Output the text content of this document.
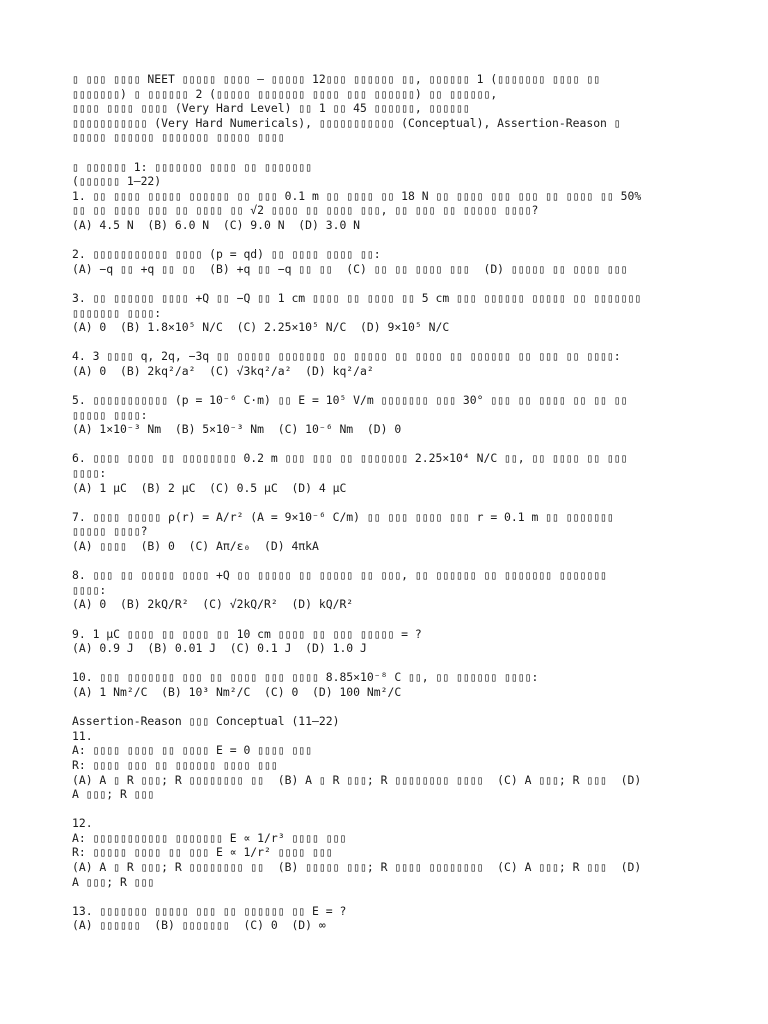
▯ ▯▯▯ ▯▯▯▯ NEET ▯▯▯▯▯ ▯▯▯▯ – ▯▯▯▯▯ 12▯▯▯ ▯▯▯▯▯▯ ▯▯, ▯▯▯▯▯▯ 1 (▯▯▯▯▯▯▯ ▯▯▯▯ ▯▯
▯▯▯▯▯▯▯) ▯ ▯▯▯▯▯▯ 2 (▯▯▯▯▯ ▯▯▯▯▯▯▯ ▯▯▯▯ ▯▯▯ ▯▯▯▯▯▯) ▯▯ ▯▯▯▯▯▯,
▯▯▯▯ ▯▯▯▯ ▯▯▯▯ (Very Hard Level) ▯▯ 1 ▯▯ 45 ▯▯▯▯▯▯, ▯▯▯▯▯▯
▯▯▯▯▯▯▯▯▯▯▯ (Very Hard Numericals), ▯▯▯▯▯▯▯▯▯▯▯ (Conceptual), Assertion-Reason ▯
▯▯▯▯▯ ▯▯▯▯▯▯ ▯▯▯▯▯▯▯ ▯▯▯▯▯ ▯▯▯▯
▯ ▯▯▯▯▯▯ 1: ▯▯▯▯▯▯▯ ▯▯▯▯ ▯▯ ▯▯▯▯▯▯▯
(▯▯▯▯▯▯ 1–22)
1. ▯▯ ▯▯▯▯ ▯▯▯▯▯ ▯▯▯▯▯▯ ▯▯ ▯▯▯ 0.1 m ▯▯ ▯▯▯▯ ▯▯ 18 N ▯▯ ▯▯▯▯ ▯▯▯ ▯▯▯ ▯▯ ▯▯▯▯ ▯▯ 50%
▯▯ ▯▯ ▯▯▯▯ ▯▯▯ ▯▯ ▯▯▯▯ ▯▯ √2 ▯▯▯▯ ▯▯ ▯▯▯▯ ▯▯▯, ▯▯ ▯▯▯ ▯▯ ▯▯▯▯▯ ▯▯▯▯?
(A) 4.5 N  (B) 6.0 N  (C) 9.0 N  (D) 3.0 N
2. ▯▯▯▯▯▯▯▯▯▯▯ ▯▯▯▯ (p = qd) ▯▯ ▯▯▯▯ ▯▯▯▯ ▯▯:
(A) −q ▯▯ +q ▯▯ ▯▯  (B) +q ▯▯ −q ▯▯ ▯▯  (C) ▯▯ ▯▯ ▯▯▯▯ ▯▯▯  (D) ▯▯▯▯▯ ▯▯ ▯▯▯▯ ▯▯▯
3. ▯▯ ▯▯▯▯▯▯ ▯▯▯▯ +Q ▯▯ −Q ▯▯ 1 cm ▯▯▯▯ ▯▯ ▯▯▯▯ ▯▯ 5 cm ▯▯▯ ▯▯▯▯▯▯ ▯▯▯▯▯ ▯▯ ▯▯▯▯▯▯▯
▯▯▯▯▯▯▯ ▯▯▯▯:
(A) 0  (B) 1.8×10⁵ N/C  (C) 2.25×10⁵ N/C  (D) 9×10⁵ N/C
4. 3 ▯▯▯▯ q, 2q, −3q ▯▯ ▯▯▯▯▯ ▯▯▯▯▯▯▯ ▯▯ ▯▯▯▯▯ ▯▯ ▯▯▯▯ ▯▯ ▯▯▯▯▯▯ ▯▯ ▯▯▯ ▯▯ ▯▯▯▯:
(A) 0  (B) 2kq²/a²  (C) √3kq²/a²  (D) kq²/a²
5. ▯▯▯▯▯▯▯▯▯▯▯ (p = 10⁻⁶ C·m) ▯▯ E = 10⁵ V/m ▯▯▯▯▯▯▯ ▯▯▯ 30° ▯▯▯ ▯▯ ▯▯▯▯ ▯▯ ▯▯ ▯▯
▯▯▯▯▯ ▯▯▯▯:
(A) 1×10⁻³ Nm  (B) 5×10⁻³ Nm  (C) 10⁻⁶ Nm  (D) 0
6. ▯▯▯▯ ▯▯▯▯ ▯▯ ▯▯▯▯▯▯▯▯ 0.2 m ▯▯▯ ▯▯▯ ▯▯ ▯▯▯▯▯▯▯ 2.25×10⁴ N/C ▯▯, ▯▯ ▯▯▯▯ ▯▯ ▯▯▯
▯▯▯▯:
(A) 1 μC  (B) 2 μC  (C) 0.5 μC  (D) 4 μC
7. ▯▯▯▯ ▯▯▯▯▯ ρ(r) = A/r² (A = 9×10⁻⁶ C/m) ▯▯ ▯▯▯ ▯▯▯▯ ▯▯▯ r = 0.1 m ▯▯ ▯▯▯▯▯▯▯
▯▯▯▯▯ ▯▯▯▯?
(A) ▯▯▯▯  (B) 0  (C) Aπ/ε₀  (D) 4πkA
8. ▯▯▯ ▯▯ ▯▯▯▯▯ ▯▯▯▯ +Q ▯▯ ▯▯▯▯▯ ▯▯ ▯▯▯▯▯ ▯▯ ▯▯▯, ▯▯ ▯▯▯▯▯▯ ▯▯ ▯▯▯▯▯▯▯ ▯▯▯▯▯▯▯
▯▯▯▯:
(A) 0  (B) 2kQ/R²  (C) √2kQ/R²  (D) kQ/R²
9. 1 μC ▯▯▯▯ ▯▯ ▯▯▯▯ ▯▯ 10 cm ▯▯▯▯ ▯▯ ▯▯▯ ▯▯▯▯▯ = ?
(A) 0.9 J  (B) 0.01 J  (C) 0.1 J  (D) 1.0 J
10. ▯▯▯ ▯▯▯▯▯▯▯ ▯▯▯ ▯▯ ▯▯▯▯ ▯▯▯ ▯▯▯▯ 8.85×10⁻⁸ C ▯▯, ▯▯ ▯▯▯▯▯▯ ▯▯▯▯:
(A) 1 Nm²/C  (B) 10³ Nm²/C  (C) 0  (D) 100 Nm²/C
Assertion-Reason ▯▯▯ Conceptual (11–22)
11.
A: ▯▯▯▯ ▯▯▯▯ ▯▯ ▯▯▯▯ E = 0 ▯▯▯▯ ▯▯▯
R: ▯▯▯▯ ▯▯▯ ▯▯ ▯▯▯▯▯▯ ▯▯▯▯ ▯▯▯
(A) A ▯ R ▯▯▯; R ▯▯▯▯▯▯▯▯ ▯▯  (B) A ▯ R ▯▯▯; R ▯▯▯▯▯▯▯▯ ▯▯▯▯  (C) A ▯▯▯; R ▯▯▯  (D)
A ▯▯▯; R ▯▯▯
12.
A: ▯▯▯▯▯▯▯▯▯▯▯ ▯▯▯▯▯▯▯ E ∝ 1/r³ ▯▯▯▯ ▯▯▯
R: ▯▯▯▯▯ ▯▯▯▯ ▯▯ ▯▯▯ E ∝ 1/r² ▯▯▯▯ ▯▯▯
(A) A ▯ R ▯▯▯; R ▯▯▯▯▯▯▯▯ ▯▯  (B) ▯▯▯▯▯ ▯▯▯; R ▯▯▯▯ ▯▯▯▯▯▯▯▯  (C) A ▯▯▯; R ▯▯▯  (D)
A ▯▯▯; R ▯▯▯
13. ▯▯▯▯▯▯▯ ▯▯▯▯▯ ▯▯▯ ▯▯ ▯▯▯▯▯▯ ▯▯ E = ?
(A) ▯▯▯▯▯▯  (B) ▯▯▯▯▯▯▯  (C) 0  (D) ∞
